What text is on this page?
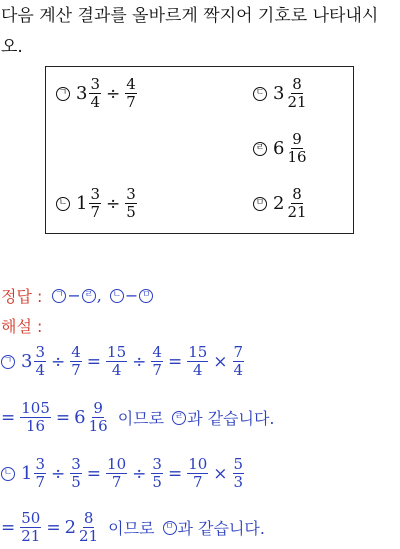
다음 계산 결과를 올바르게 짝지어 기호로 나타내시
오.
ㄱ $3 \frac{3}{4} \div \frac{4}{7}$
ㄴ $1 \frac{3}{7} \div \frac{3}{5}$
ㄷ $3 \frac{8}{21}$
ㄹ $6 \frac{9}{16}$
ㅁ $2 \frac{8}{21}$
정답 : ㄱ − ㄹ , ㄴ − ㅁ
해설 :
ㄱ $3 \frac{3}{4} \div \frac{4}{7} = \frac{15}{4} \div \frac{4}{7} = \frac{15}{4} \times \frac{7}{4}$
= $\frac{105}{16} = 6 \frac{9}{16}$ 이므로 ㄹ 과 같습니다.
ㄴ $1 \frac{3}{7} \div \frac{3}{5} = \frac{10}{7} \div \frac{3}{5} = \frac{10}{7} \times \frac{5}{3}$
= $\frac{50}{21} = 2 \frac{8}{21}$ 이므로 ㅁ 과 같습니다.
